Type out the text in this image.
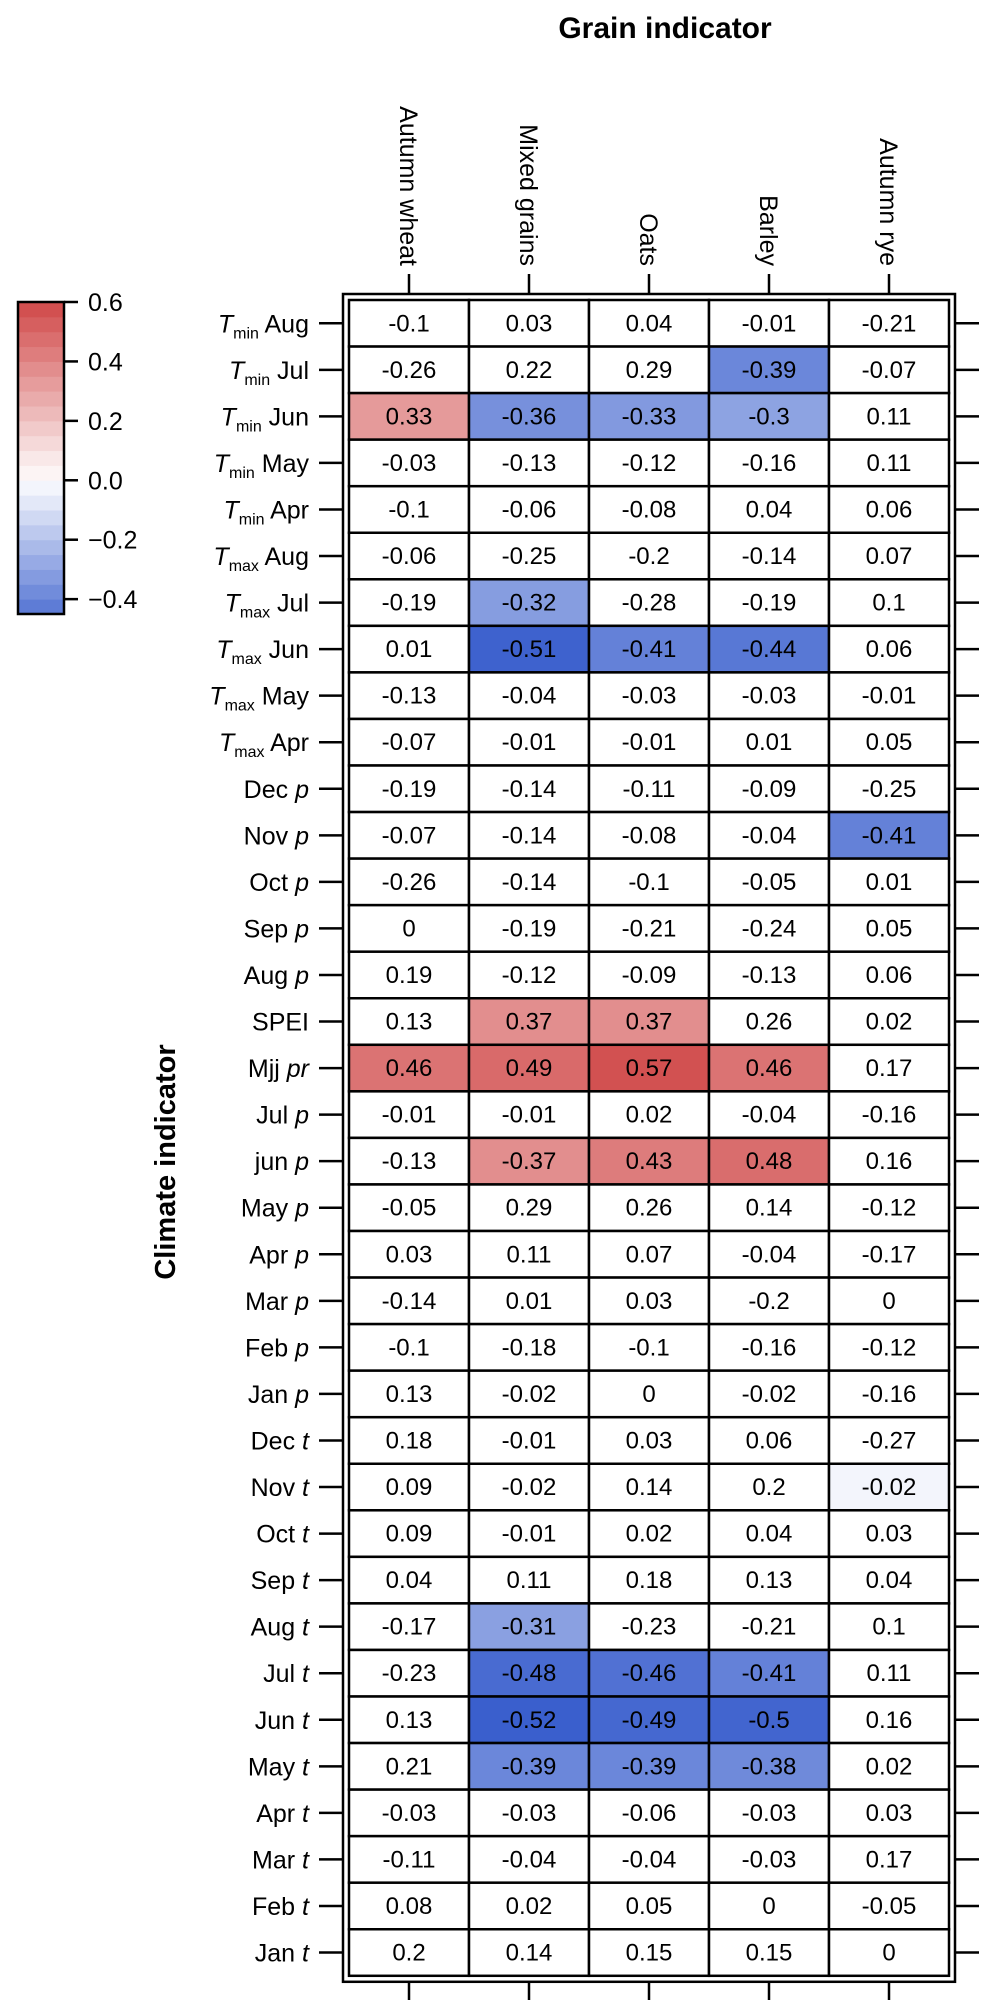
Grain indicator
Climate indicator
0.6
0.4
0.2
0.0
−0.2
−0.4
-0.1	0.03	0.04	-0.01	-0.21
-0.26	0.22	0.29	-0.39	-0.07
0.33	-0.36	-0.33	-0.3	0.11
-0.03	-0.13	-0.12	-0.16	0.11
-0.1	-0.06	-0.08	0.04	0.06
-0.06	-0.25	-0.2	-0.14	0.07
-0.19	-0.32	-0.28	-0.19	0.1
0.01	-0.51	-0.41	-0.44	0.06
-0.13	-0.04	-0.03	-0.03	-0.01
-0.07	-0.01	-0.01	0.01	0.05
-0.19	-0.14	-0.11	-0.09	-0.25
-0.07	-0.14	-0.08	-0.04	-0.41
-0.26	-0.14	-0.1	-0.05	0.01
0	-0.19	-0.21	-0.24	0.05
0.19	-0.12	-0.09	-0.13	0.06
0.13	0.37	0.37	0.26	0.02
0.46	0.49	0.57	0.46	0.17
-0.01	-0.01	0.02	-0.04	-0.16
-0.13	-0.37	0.43	0.48	0.16
-0.05	0.29	0.26	0.14	-0.12
0.03	0.11	0.07	-0.04	-0.17
-0.14	0.01	0.03	-0.2	0
-0.1	-0.18	-0.1	-0.16	-0.12
0.13	-0.02	0	-0.02	-0.16
0.18	-0.01	0.03	0.06	-0.27
0.09	-0.02	0.14	0.2	-0.02
0.09	-0.01	0.02	0.04	0.03
0.04	0.11	0.18	0.13	0.04
-0.17	-0.31	-0.23	-0.21	0.1
-0.23	-0.48	-0.46	-0.41	0.11
0.13	-0.52	-0.49	-0.5	0.16
0.21	-0.39	-0.39	-0.38	0.02
-0.03	-0.03	-0.06	-0.03	0.03
-0.11	-0.04	-0.04	-0.03	0.17
0.08	0.02	0.05	0	-0.05
0.2	0.14	0.15	0.15	0
Autumn wheat	Mixed grains	Oats	Barley	Autumn rye
$T_{min}$ Aug
$T_{min}$ Jul
$T_{min}$ Jun
$T_{min}$ May
$T_{min}$ Apr
$T_{max}$ Aug
$T_{max}$ Jul
$T_{max}$ Jun
$T_{max}$ May
$T_{max}$ Apr
Dec p
Nov p
Oct p
Sep p
Aug p
SPEI
Mjj pr
Jul p
jun p
May p
Apr p
Mar p
Feb p
Jan p
Dec t
Nov t
Oct t
Sep t
Aug t
Jul t
Jun t
May t
Apr t
Mar t
Feb t
Jan t
